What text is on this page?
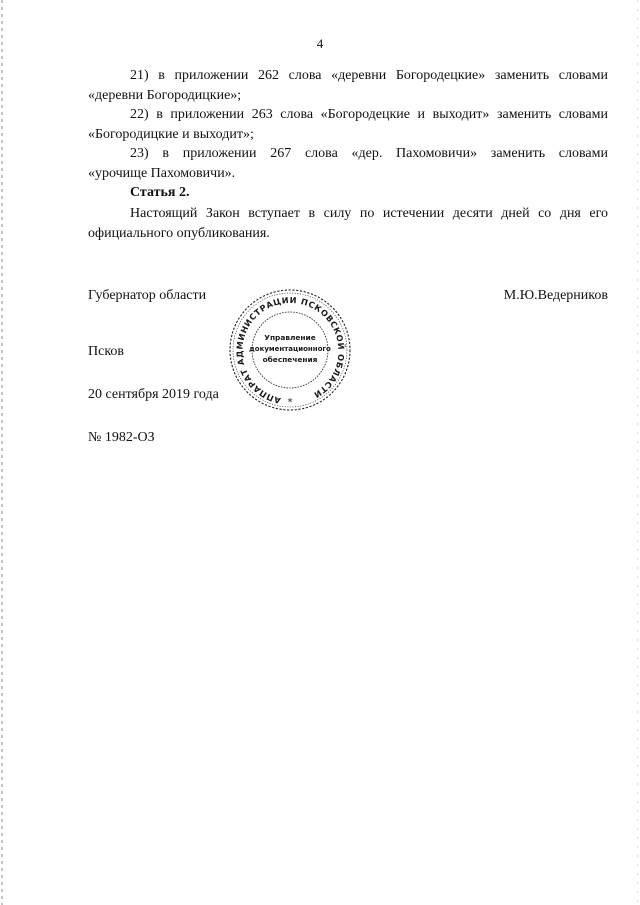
4

21) в приложении 262 слова «деревни Богородецкие» заменить словами

«деревни Богородицкие»;

22) в приложении 263 слова «Богородецкие и выходит» заменить словами

«Богородицкие и выходит»;

23) в приложении 267 слова «дер. Пахомовичи» заменить словами

«урочище Пахомовичи».

Статья 2.

Настоящий Закон вступает в силу по истечении десяти дней со дня его официального опубликования.

Губернатор области	М.Ю.Ведерников
Псков
20 сентября 2019 года
№ 1982-ОЗ
АППАРАТ АДМИНИСТРАЦИИ ПСКОВСКОЙ ОБЛАСТИ
Управление
документационного
обеспечения
*
